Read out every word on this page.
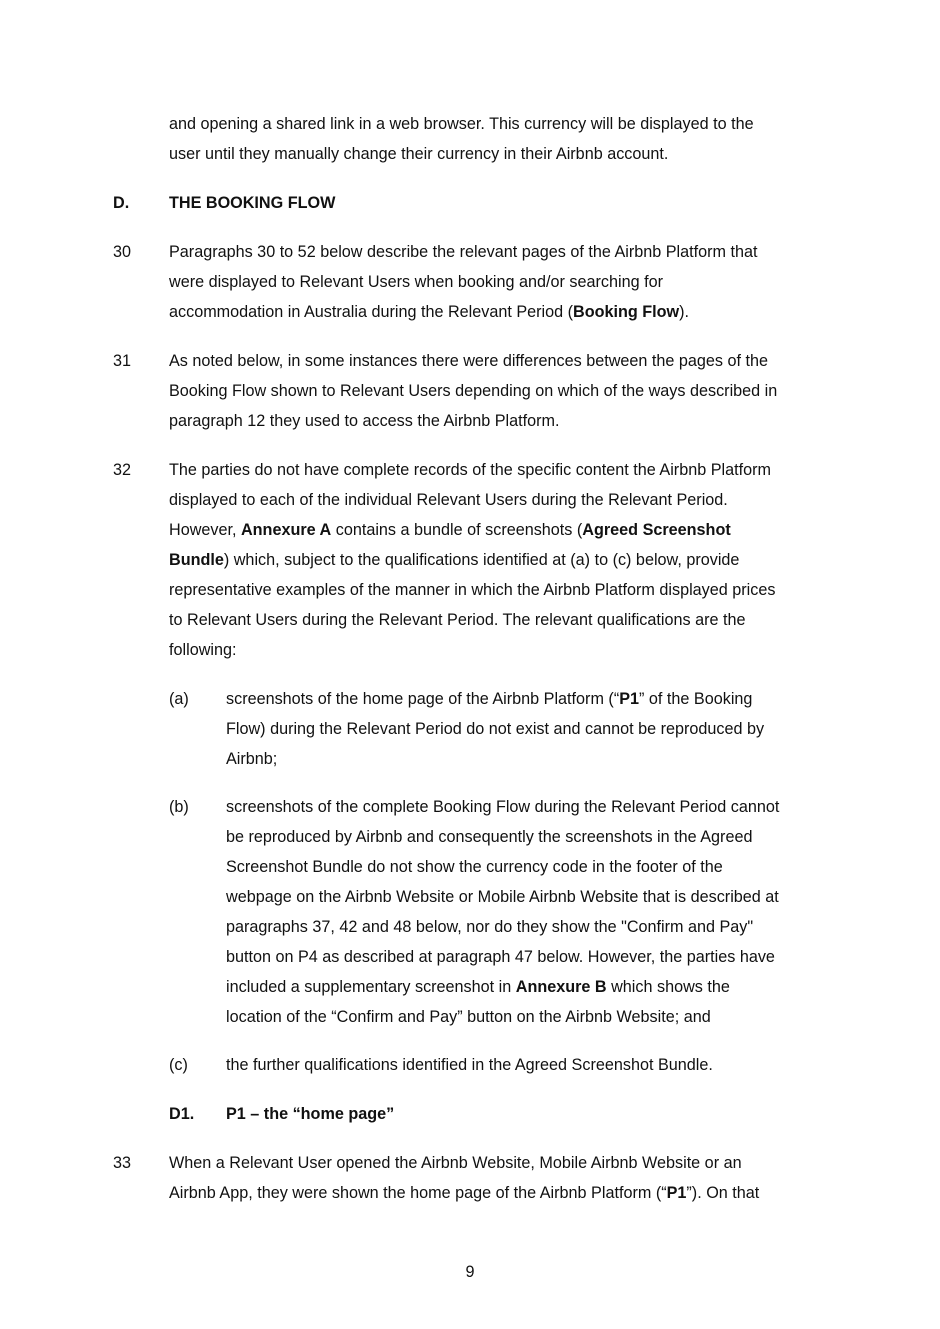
and opening a shared link in a web browser. This currency will be displayed to the
user until they manually change their currency in their Airbnb account.
D. THE BOOKING FLOW
30 Paragraphs 30 to 52 below describe the relevant pages of the Airbnb Platform that
were displayed to Relevant Users when booking and/or searching for
accommodation in Australia during the Relevant Period (Booking Flow).
31 As noted below, in some instances there were differences between the pages of the
Booking Flow shown to Relevant Users depending on which of the ways described in
paragraph 12 they used to access the Airbnb Platform.
32 The parties do not have complete records of the specific content the Airbnb Platform
displayed to each of the individual Relevant Users during the Relevant Period.
However, Annexure A contains a bundle of screenshots (Agreed Screenshot
Bundle) which, subject to the qualifications identified at (a) to (c) below, provide
representative examples of the manner in which the Airbnb Platform displayed prices
to Relevant Users during the Relevant Period. The relevant qualifications are the
following:
(a) screenshots of the home page of the Airbnb Platform (“P1” of the Booking
Flow) during the Relevant Period do not exist and cannot be reproduced by
Airbnb;
(b) screenshots of the complete Booking Flow during the Relevant Period cannot
be reproduced by Airbnb and consequently the screenshots in the Agreed
Screenshot Bundle do not show the currency code in the footer of the
webpage on the Airbnb Website or Mobile Airbnb Website that is described at
paragraphs 37, 42 and 48 below, nor do they show the "Confirm and Pay"
button on P4 as described at paragraph 47 below. However, the parties have
included a supplementary screenshot in Annexure B which shows the
location of the “Confirm and Pay” button on the Airbnb Website; and
(c) the further qualifications identified in the Agreed Screenshot Bundle.
D1. P1 – the “home page”
33 When a Relevant User opened the Airbnb Website, Mobile Airbnb Website or an
Airbnb App, they were shown the home page of the Airbnb Platform (“P1”). On that
9
